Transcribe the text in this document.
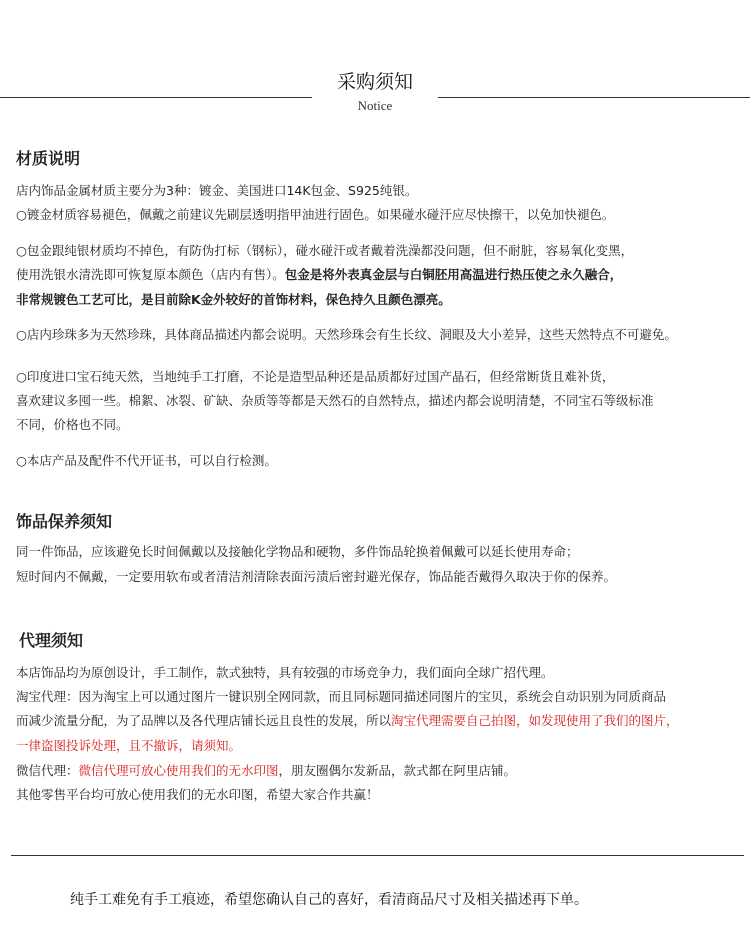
采购须知
Notice
材质说明
店内饰品金属材质主要分为3种：镀金、美国进口14K包金、S925纯银。
○镀金材质容易褪色，佩戴之前建议先刷层透明指甲油进行固色。如果碰水碰汗应尽快擦干，以免加快褪色。
○包金跟纯银材质均不掉色，有防伪打标（钢标），碰水碰汗或者戴着洗澡都没问题，但不耐脏，容易氧化变黑，
使用洗银水清洗即可恢复原本颜色（店内有售）。包金是将外表真金层与白铜胚用高温进行热压使之永久融合，
非常规镀色工艺可比，是目前除K金外较好的首饰材料，保色持久且颜色漂亮。
○店内珍珠多为天然珍珠，具体商品描述内都会说明。天然珍珠会有生长纹、洞眼及大小差异，这些天然特点不可避免。
○印度进口宝石纯天然，当地纯手工打磨，不论是造型品种还是品质都好过国产晶石，但经常断货且难补货，
喜欢建议多囤一些。棉絮、冰裂、矿缺、杂质等等都是天然石的自然特点，描述内都会说明清楚，不同宝石等级标准
不同，价格也不同。
○本店产品及配件不代开证书，可以自行检测。
饰品保养须知
同一件饰品，应该避免长时间佩戴以及接触化学物品和硬物，多件饰品轮换着佩戴可以延长使用寿命；
短时间内不佩戴，一定要用软布或者清洁剂清除表面污渍后密封避光保存，饰品能否戴得久取决于你的保养。
代理须知
本店饰品均为原创设计，手工制作，款式独特，具有较强的市场竞争力，我们面向全球广招代理。
淘宝代理：因为淘宝上可以通过图片一键识别全网同款，而且同标题同描述同图片的宝贝，系统会自动识别为同质商品
而减少流量分配，为了品牌以及各代理店铺长远且良性的发展，所以淘宝代理需要自己拍图，如发现使用了我们的图片，
一律盗图投诉处理，且不撤诉，请须知。
微信代理：微信代理可放心使用我们的无水印图，朋友圈偶尔发新品，款式都在阿里店铺。
其他零售平台均可放心使用我们的无水印图，希望大家合作共赢！
纯手工难免有手工痕迹，希望您确认自己的喜好，看清商品尺寸及相关描述再下单。
